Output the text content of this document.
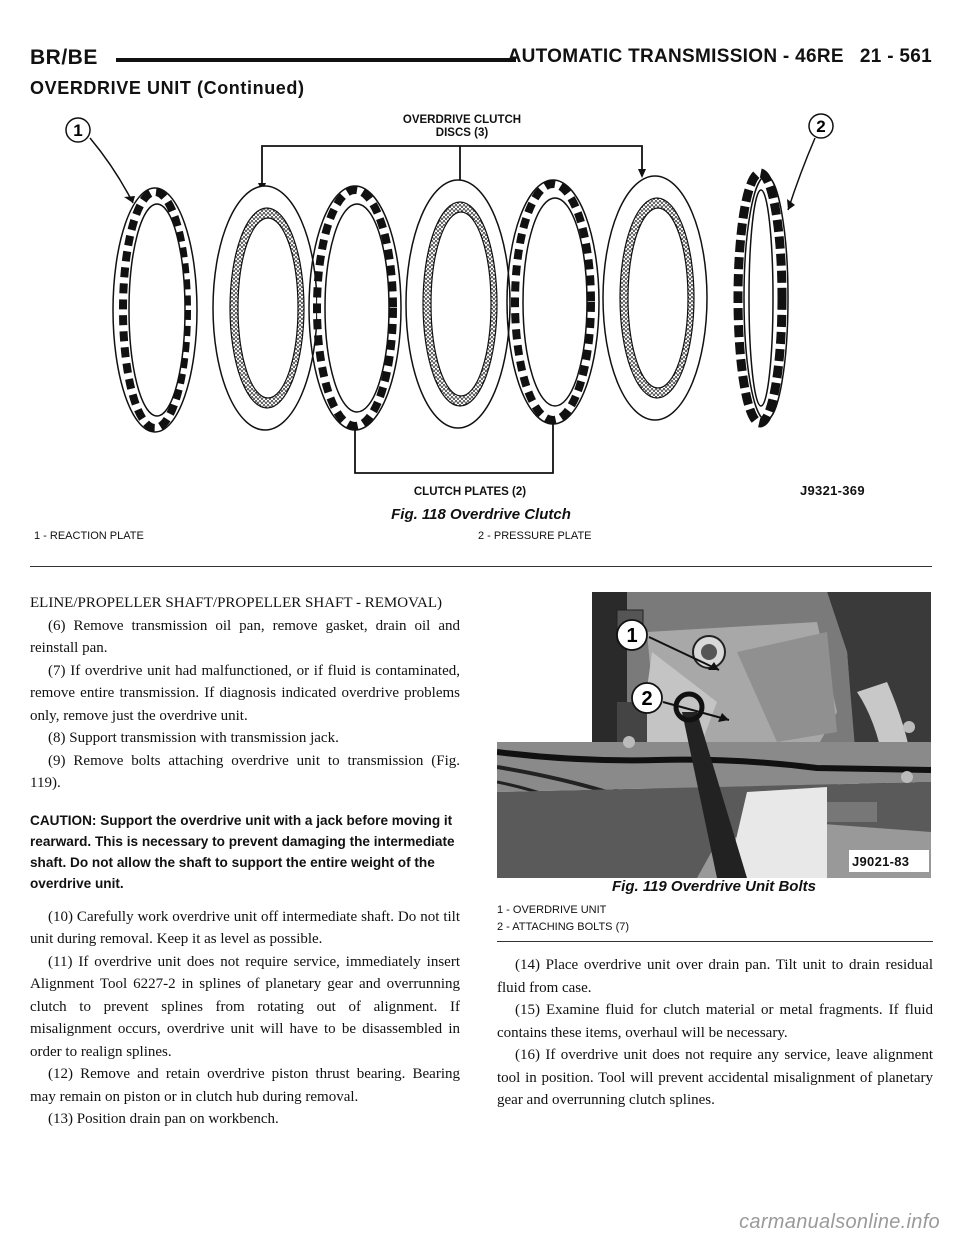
BR/BE	AUTOMATIC TRANSMISSION - 46RE 21 - 561
OVERDRIVE UNIT (Continued)
1	2
OVERDRIVE CLUTCH
DISCS (3)
CLUTCH PLATES (2)	J9321-369
Fig. 118 Overdrive Clutch
1 - REACTION PLATE	2 - PRESSURE PLATE

ELINE/PROPELLER SHAFT/PROPELLER SHAFT - REMOVAL)

(6) Remove transmission oil pan, remove gasket, drain oil and reinstall pan.

(7) If overdrive unit had malfunctioned, or if fluid is contaminated, remove entire transmission. If diagnosis indicated overdrive problems only, remove just the overdrive unit.

(8) Support transmission with transmission jack.

(9) Remove bolts attaching overdrive unit to transmission (Fig. 119).

CAUTION: Support the overdrive unit with a jack before moving it rearward. This is necessary to prevent damaging the intermediate shaft. Do not allow the shaft to support the entire weight of the overdrive unit.

(10) Carefully work overdrive unit off intermediate shaft. Do not tilt unit during removal. Keep it as level as possible.

(11) If overdrive unit does not require service, immediately insert Alignment Tool 6227-2 in splines of planetary gear and overrunning clutch to prevent splines from rotating out of alignment. If misalignment occurs, overdrive unit will have to be disassembled in order to realign splines.

(12) Remove and retain overdrive piston thrust bearing. Bearing may remain on piston or in clutch hub during removal.

(13) Position drain pan on workbench.

1
2
J9021-83
Fig. 119 Overdrive Unit Bolts
1 - OVERDRIVE UNIT
2 - ATTACHING BOLTS (7)

(14) Place overdrive unit over drain pan. Tilt unit to drain residual fluid from case.

(15) Examine fluid for clutch material or metal fragments. If fluid contains these items, overhaul will be necessary.

(16) If overdrive unit does not require any service, leave alignment tool in position. Tool will prevent accidental misalignment of planetary gear and overrunning clutch splines.

carmanualsonline.info
